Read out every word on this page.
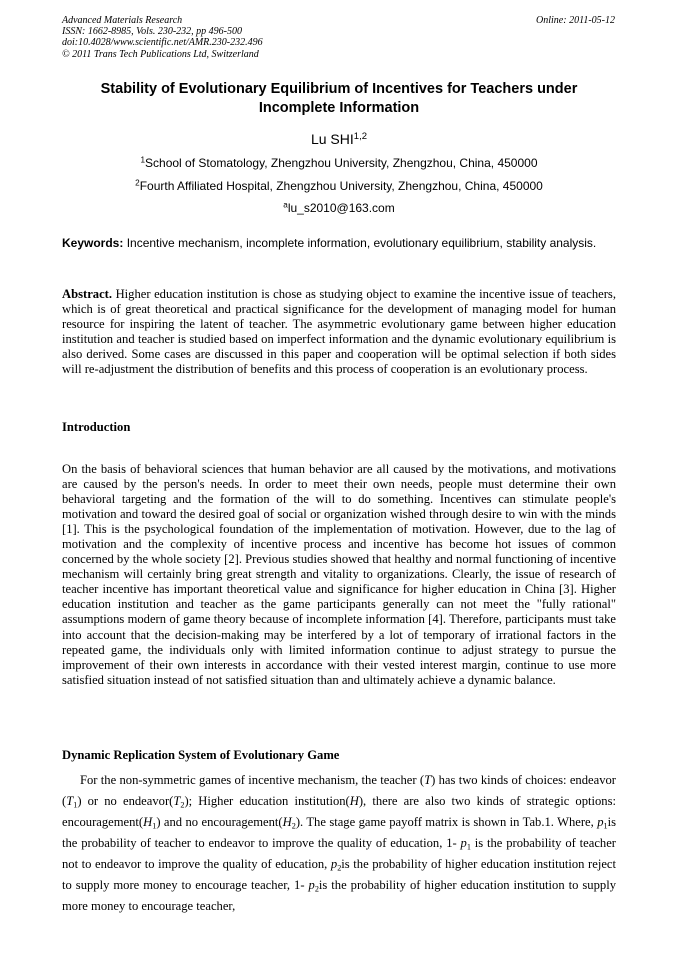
Advanced Materials Research
ISSN: 1662-8985, Vols. 230-232, pp 496-500
doi:10.4028/www.scientific.net/AMR.230-232.496
© 2011 Trans Tech Publications Ltd, Switzerland
Online: 2011-05-12
Stability of Evolutionary Equilibrium of Incentives for Teachers under Incomplete Information
Lu SHI$^{1,2}$
$^1$School of Stomatology, Zhengzhou University, Zhengzhou, China, 450000
$^2$Fourth Affiliated Hospital, Zhengzhou University, Zhengzhou, China, 450000
$^a$lu_s2010@163.com
Keywords: Incentive mechanism, incomplete information, evolutionary equilibrium, stability analysis.
Abstract. Higher education institution is chose as studying object to examine the incentive issue of teachers, which is of great theoretical and practical significance for the development of managing model for human resource for inspiring the latent of teacher. The asymmetric evolutionary game between higher education institution and teacher is studied based on imperfect information and the dynamic evolutionary equilibrium is also derived. Some cases are discussed in this paper and cooperation will be optimal selection if both sides will re-adjustment the distribution of benefits and this process of cooperation is an evolutionary process.
Introduction
On the basis of behavioral sciences that human behavior are all caused by the motivations, and motivations are caused by the person's needs. In order to meet their own needs, people must determine their own behavioral targeting and the formation of the will to do something. Incentives can stimulate people's motivation and toward the desired goal of social or organization wished through desire to win with the minds [1]. This is the psychological foundation of the implementation of motivation. However, due to the lag of motivation and the complexity of incentive process and incentive has become hot issues of common concerned by the whole society [2]. Previous studies showed that healthy and normal functioning of incentive mechanism will certainly bring great strength and vitality to organizations. Clearly, the issue of research of teacher incentive has important theoretical value and significance for higher education in China [3]. Higher education institution and teacher as the game participants generally can not meet the "fully rational" assumptions modern of game theory because of incomplete information [4]. Therefore, participants must take into account that the decision-making may be interfered by a lot of temporary of irrational factors in the repeated game, the individuals only with limited information continue to adjust strategy to pursue the improvement of their own interests in accordance with their vested interest margin, continue to use more satisfied situation instead of not satisfied situation than and ultimately achieve a dynamic balance.
Dynamic Replication System of Evolutionary Game
For the non-symmetric games of incentive mechanism, the teacher (T) has two kinds of choices: endeavor $(T_1)$ or no $endeavor(T_2)$; Higher education institution(H), there are also two kinds of strategic options: $encouragement(H_1)$ and no $encouragement(H_2)$. The stage game payoff matrix is shown in Tab.1. Where, $p_1is$ the probability of teacher to endeavor to improve the quality of education, 1- $p_1$ is the probability of teacher not to endeavor to improve the quality of education, $p_2is$ the probability of higher education institution reject to supply more money to encourage teacher, 1- $p_2is$ the probability of higher education institution to supply more money to encourage teacher,
